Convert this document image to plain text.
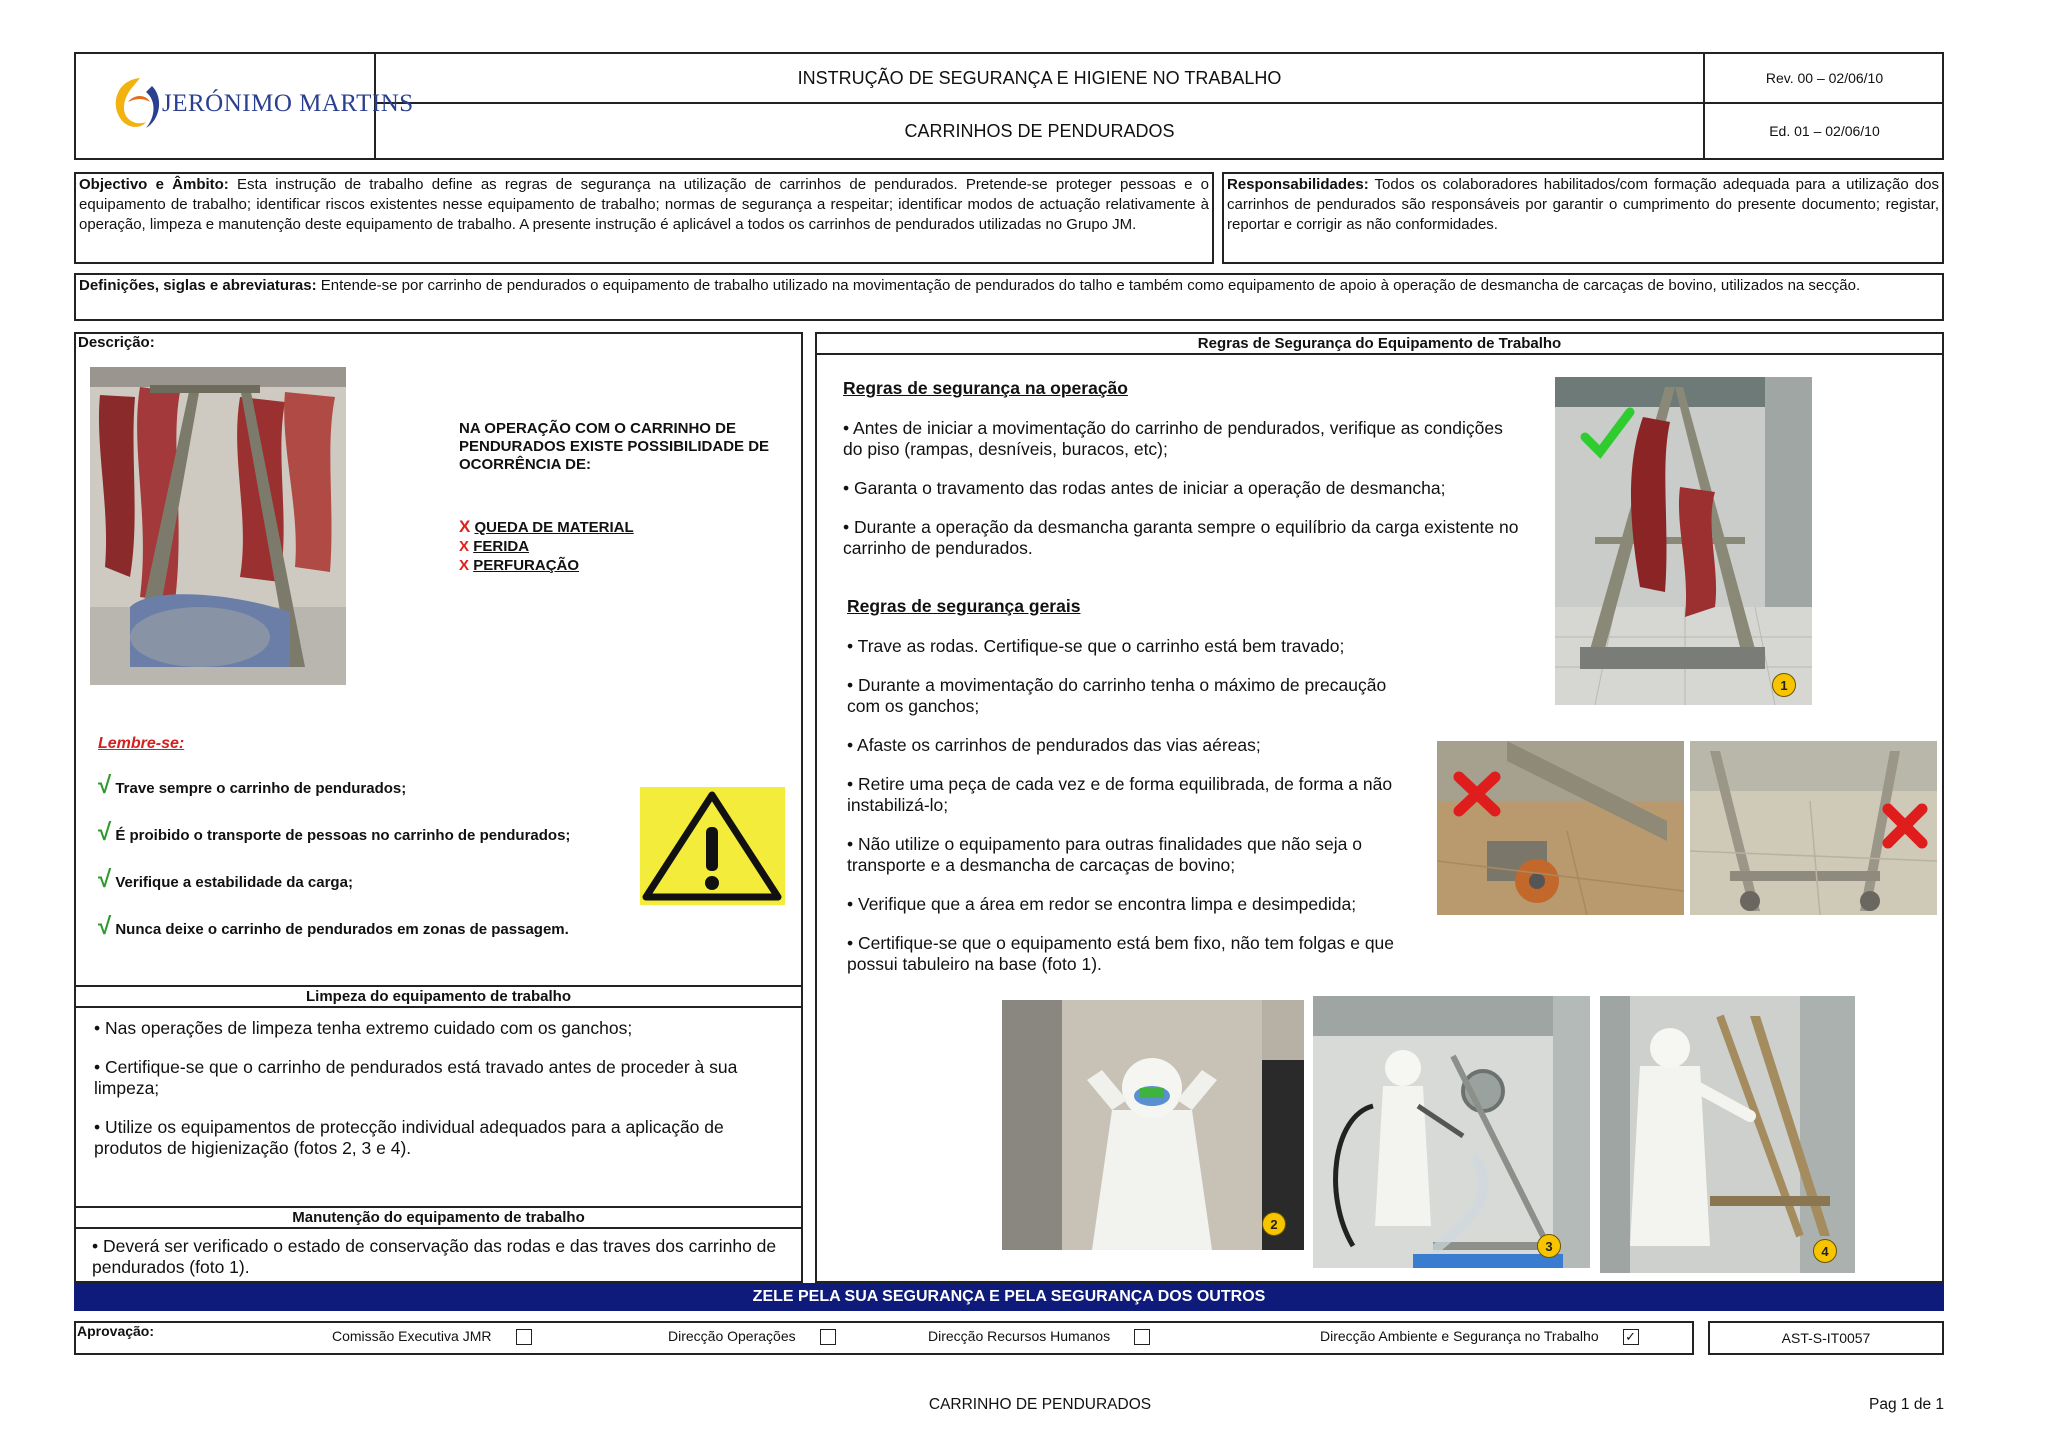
JERÓNIMO MARTINS
INSTRUÇÃO DE SEGURANÇA E HIGIENE NO TRABALHO
CARRINHOS DE PENDURADOS
Rev. 00 – 02/06/10
Ed. 01 – 02/06/10
Objectivo e Âmbito: Esta instrução de trabalho define as regras de segurança na utilização de carrinhos de pendurados. Pretende-se proteger pessoas e o equipamento de trabalho; identificar riscos existentes nesse equipamento de trabalho; normas de segurança a respeitar; identificar modos de actuação relativamente à operação, limpeza e manutenção deste equipamento de trabalho. A presente instrução é aplicável a todos os carrinhos de pendurados utilizadas no Grupo JM.
Responsabilidades: Todos os colaboradores habilitados/com formação adequada para a utilização dos carrinhos de pendurados são responsáveis por garantir o cumprimento do presente documento; registar, reportar e corrigir as não conformidades.
Definições, siglas e abreviaturas: Entende-se por carrinho de pendurados o equipamento de trabalho utilizado na movimentação de pendurados do talho e também como equipamento de apoio à operação de desmancha de carcaças de bovino, utilizados na secção.
Descrição:
NA OPERAÇÃO COM O CARRINHO DE PENDURADOS EXISTE POSSIBILIDADE DE OCORRÊNCIA DE:
X QUEDA DE MATERIAL
X FERIDA
X PERFURAÇÃO
Lembre-se:
√ Trave sempre o carrinho de pendurados;
√ É proibido o transporte de pessoas no carrinho de pendurados;
√ Verifique a estabilidade da carga;
√ Nunca deixe o carrinho de pendurados em zonas de passagem.
Limpeza do equipamento de trabalho

• Nas operações de limpeza tenha extremo cuidado com os ganchos;

• Certifique-se que o carrinho de pendurados está travado antes de proceder à sua limpeza;

• Utilize os equipamentos de protecção individual adequados para a aplicação de produtos de higienização (fotos 2, 3 e 4).

Manutenção do equipamento de trabalho

• Deverá ser verificado o estado de conservação das rodas e das traves dos carrinho de pendurados (foto 1).

Regras de Segurança do Equipamento de Trabalho
Regras de segurança na operação

• Antes de iniciar a movimentação do carrinho de pendurados, verifique as condições do piso (rampas, desníveis, buracos, etc);

• Garanta o travamento das rodas antes de iniciar a operação de desmancha;

• Durante a operação da desmancha garanta sempre o equilíbrio da carga existente no carrinho de pendurados.

Regras de segurança gerais

• Trave as rodas. Certifique-se que o carrinho está bem travado;

• Durante a movimentação do carrinho tenha o máximo de precaução com os ganchos;

• Afaste os carrinhos de pendurados das vias aéreas;

• Retire uma peça de cada vez e de forma equilibrada, de forma a não instabilizá-lo;

• Não utilize o equipamento para outras finalidades que não seja o transporte e a desmancha de carcaças de bovino;

• Verifique que a área em redor se encontra limpa e desimpedida;

• Certifique-se que o equipamento está bem fixo, não tem folgas e que possui tabuleiro na base (foto 1).

1
2
3	4
ZELE PELA SUA SEGURANÇA E PELA SEGURANÇA DOS OUTROS
Aprovação:	Comissão Executiva JMR	Direcção Operações	Direcção Recursos Humanos	Direcção Ambiente e Segurança no Trabalho ✓	AST-S-IT0057
CARRINHO DE PENDURADOS	Pag 1 de 1
